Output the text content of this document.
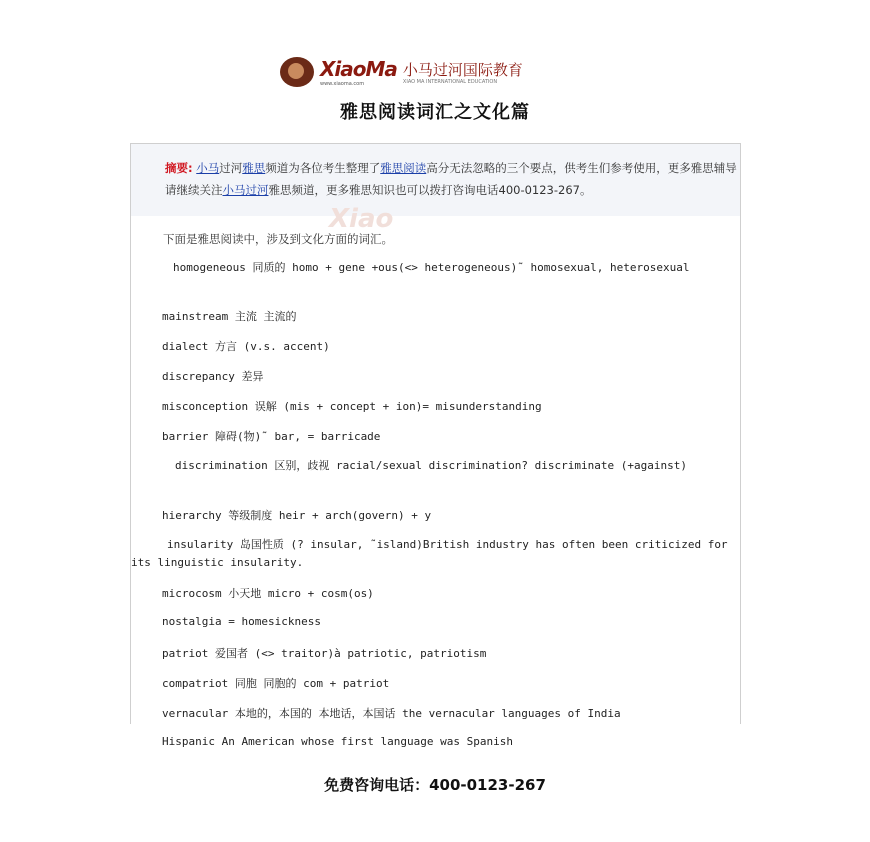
XiaoMa
www.xiaoma.com
小马过河国际教育
XIAO MA INTERNATIONAL EDUCATION
雅思阅读词汇之文化篇
摘要: 小马过河雅思频道为各位考生整理了雅思阅读高分无法忽略的三个要点，供考生们参考使用，更多雅思辅导请继续关注小马过河雅思频道，更多雅思知识也可以拨打咨询电话400-0123-267。
Xiao
下面是雅思阅读中，涉及到文化方面的词汇。
homogeneous 同质的 homo + gene +ous(<> heterogeneous)˜ homosexual, heterosexual
mainstream 主流 主流的
dialect 方言 (v.s. accent)
discrepancy 差异
misconception 误解 (mis + concept + ion)= misunderstanding
barrier 障碍(物)˜ bar, = barricade
discrimination 区别，歧视 racial/sexual discrimination? discriminate (+against)
hierarchy 等级制度 heir + arch(govern) + y
insularity 岛国性质 (? insular, ˜island)British industry has often been criticized for its linguistic insularity.
microcosm 小天地 micro + cosm(os)
nostalgia = homesickness
patriot 爱国者 (<> traitor)à patriotic, patriotism
compatriot 同胞 同胞的 com + patriot
vernacular 本地的，本国的 本地话，本国话 the vernacular languages of India
Hispanic An American whose first language was Spanish
免费咨询电话：400-0123-267
